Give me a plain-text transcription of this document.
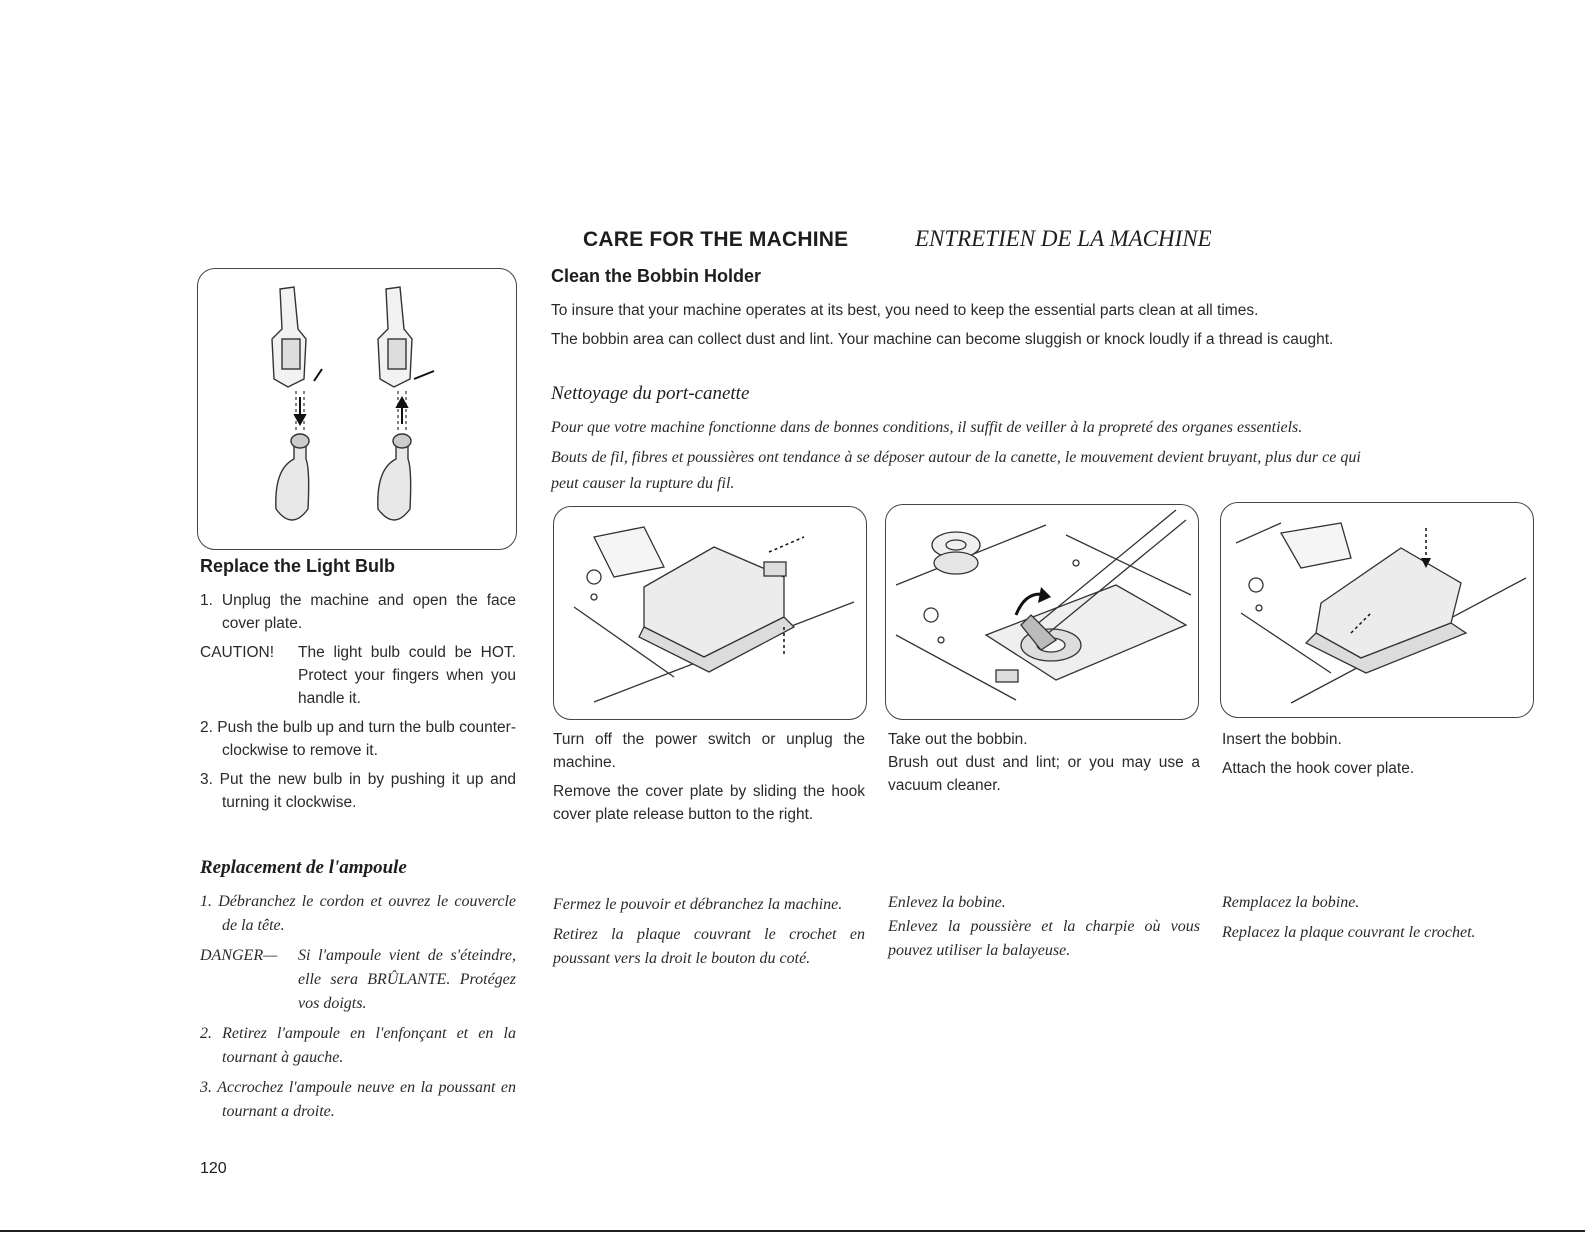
CARE FOR THE MACHINE	ENTRETIEN DE LA MACHINE
Replace the Light Bulb
1. Unplug the machine and open the face cover plate.
CAUTION!	The light bulb could be HOT. Protect your fingers when you handle it.
2. Push the bulb up and turn the bulb counter-clockwise to remove it.
3. Put the new bulb in by pushing it up and turning it clockwise.
Replacement de l'ampoule
1. Débranchez le cordon et ouvrez le couvercle de la tête.
DANGER—	Si l'ampoule vient de s'éteindre, elle sera BRÛLANTE. Protégez vos doigts.
2. Retirez l'ampoule en l'enfonçant et en la tournant à gauche.
3. Accrochez l'ampoule neuve en la poussant en tournant a droite.
120
Clean the Bobbin Holder
To insure that your machine operates at its best, you need to keep the essential parts clean at all times.
The bobbin area can collect dust and lint. Your machine can become sluggish or knock loudly if a thread is caught.
Nettoyage du port-canette
Pour que votre machine fonctionne dans de bonnes conditions, il suffit de veiller à la propreté des organes essentiels.
Bouts de fil, fibres et poussières ont tendance à se déposer autour de la canette, le mouvement devient bruyant, plus dur ce qui
peut causer la rupture du fil.
Turn off the power switch or unplug the machine.
Remove the cover plate by sliding the hook cover plate release button to the right.
Take out the bobbin.
Brush out dust and lint; or you may use a vacuum cleaner.
Insert the bobbin.
Attach the hook cover plate.
Fermez le pouvoir et débranchez la machine.
Retirez la plaque couvrant le crochet en poussant vers la droit le bouton du coté.
Enlevez la bobine.
Enlevez la poussière et la charpie où vous pouvez utiliser la balayeuse.
Remplacez la bobine.
Replacez la plaque couvrant le crochet.
